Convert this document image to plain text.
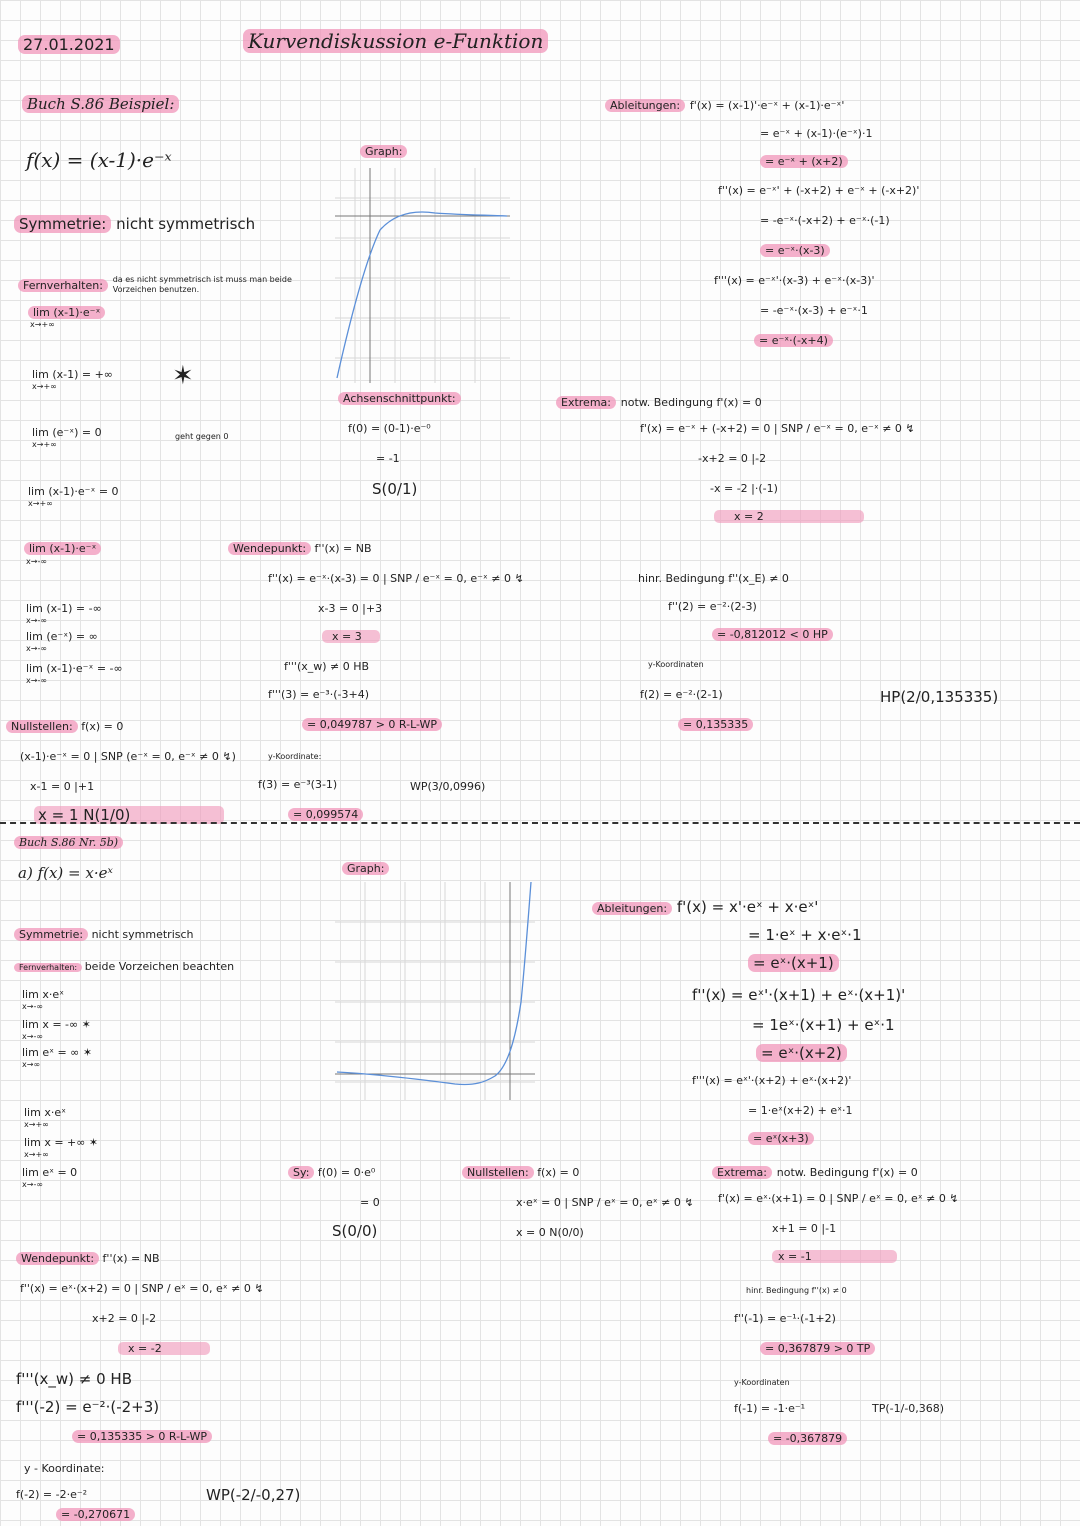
27.01.2021	Kurvendiskussion e-Funktion
Buch S.86 Beispiel:
f(x) = (x-1)·e⁻ˣ
Symmetrie: nicht symmetrisch
Fernverhalten: da es nicht symmetrisch ist muss man beide Vorzeichen benutzen.
lim (x-1)·e⁻ˣ
x→+∞
lim (x-1) = +∞
x→+∞	✶
lim (e⁻ˣ) = 0
x→+∞
geht gegen 0
lim (x-1)·e⁻ˣ = 0
x→+∞
lim (x-1)·e⁻ˣ
x→-∞
lim (x-1) = -∞
x→-∞
lim (e⁻ˣ) = ∞
x→-∞
lim (x-1)·e⁻ˣ = -∞
x→-∞
Nullstellen: f(x) = 0
(x-1)·e⁻ˣ = 0 | SNP (e⁻ˣ = 0, e⁻ˣ ≠ 0 ↯)
x-1 = 0 |+1
x = 1 N(1/0)
Graph:
Achsenschnittpunkt:
f(0) = (0-1)·e⁻⁰
= -1
S(0/1)
Wendepunkt: f''(x) = NB
f''(x) = e⁻ˣ·(x-3) = 0 | SNP / e⁻ˣ = 0, e⁻ˣ ≠ 0 ↯
x-3 = 0 |+3
x = 3
f'''(x_w) ≠ 0 HB
f'''(3) = e⁻³·(-3+4)
= 0,049787 > 0 R-L-WP
y-Koordinate:
f(3) = e⁻³(3-1)
= 0,099574
WP(3/0,0996)
Ableitungen: f'(x) = (x-1)'·e⁻ˣ + (x-1)·e⁻ˣ'
= e⁻ˣ + (x-1)·(e⁻ˣ)·1
= e⁻ˣ + (x+2)
f''(x) = e⁻ˣ' + (-x+2) + e⁻ˣ + (-x+2)'
= -e⁻ˣ·(-x+2) + e⁻ˣ·(-1)
= e⁻ˣ·(x-3)
f'''(x) = e⁻ˣ'·(x-3) + e⁻ˣ·(x-3)'
= -e⁻ˣ·(x-3) + e⁻ˣ·1
= e⁻ˣ·(-x+4)
Extrema: notw. Bedingung f'(x) = 0
f'(x) = e⁻ˣ + (-x+2) = 0 | SNP / e⁻ˣ = 0, e⁻ˣ ≠ 0 ↯
-x+2 = 0 |-2
-x = -2 |·(-1)
x = 2
hinr. Bedingung f''(x_E) ≠ 0
f''(2) = e⁻²·(2-3)
= -0,812012 < 0 HP
y-Koordinaten
f(2) = e⁻²·(2-1)
= 0,135335
HP(2/0,135335)
Buch S.86 Nr. 5b)
a) f(x) = x·eˣ
Symmetrie: nicht symmetrisch
Fernverhalten: beide Vorzeichen beachten
lim x·eˣ
x→-∞
lim x = -∞ ✶
x→-∞
lim eˣ = ∞ ✶
x→∞
lim x·eˣ
x→+∞
lim x = +∞ ✶
x→+∞
lim eˣ = 0
x→-∞
Graph:
Sy: f(0) = 0·e⁰
= 0
S(0/0)
Nullstellen: f(x) = 0
x·eˣ = 0 | SNP / eˣ = 0, eˣ ≠ 0 ↯
x = 0 N(0/0)
Ableitungen: f'(x) = x'·eˣ + x·eˣ'
= 1·eˣ + x·eˣ·1
= eˣ·(x+1)
f''(x) = eˣ'·(x+1) + eˣ·(x+1)'
= 1eˣ·(x+1) + eˣ·1
= eˣ·(x+2)
f'''(x) = eˣ'·(x+2) + eˣ·(x+2)'
= 1·eˣ(x+2) + eˣ·1
= eˣ(x+3)
Extrema: notw. Bedingung f'(x) = 0
f'(x) = eˣ·(x+1) = 0 | SNP / eˣ = 0, eˣ ≠ 0 ↯
x+1 = 0 |-1
x = -1
hinr. Bedingung f''(x) ≠ 0
f''(-1) = e⁻¹·(-1+2)
= 0,367879 > 0 TP
y-Koordinaten
f(-1) = -1·e⁻¹
= -0,367879
TP(-1/-0,368)
Wendepunkt: f''(x) = NB
f''(x) = eˣ·(x+2) = 0 | SNP / eˣ = 0, eˣ ≠ 0 ↯
x+2 = 0 |-2
x = -2
f'''(x_w) ≠ 0 HB
f'''(-2) = e⁻²·(-2+3)
= 0,135335 > 0 R-L-WP
y - Koordinate:
f(-2) = -2·e⁻²
= -0,270671
WP(-2/-0,27)
